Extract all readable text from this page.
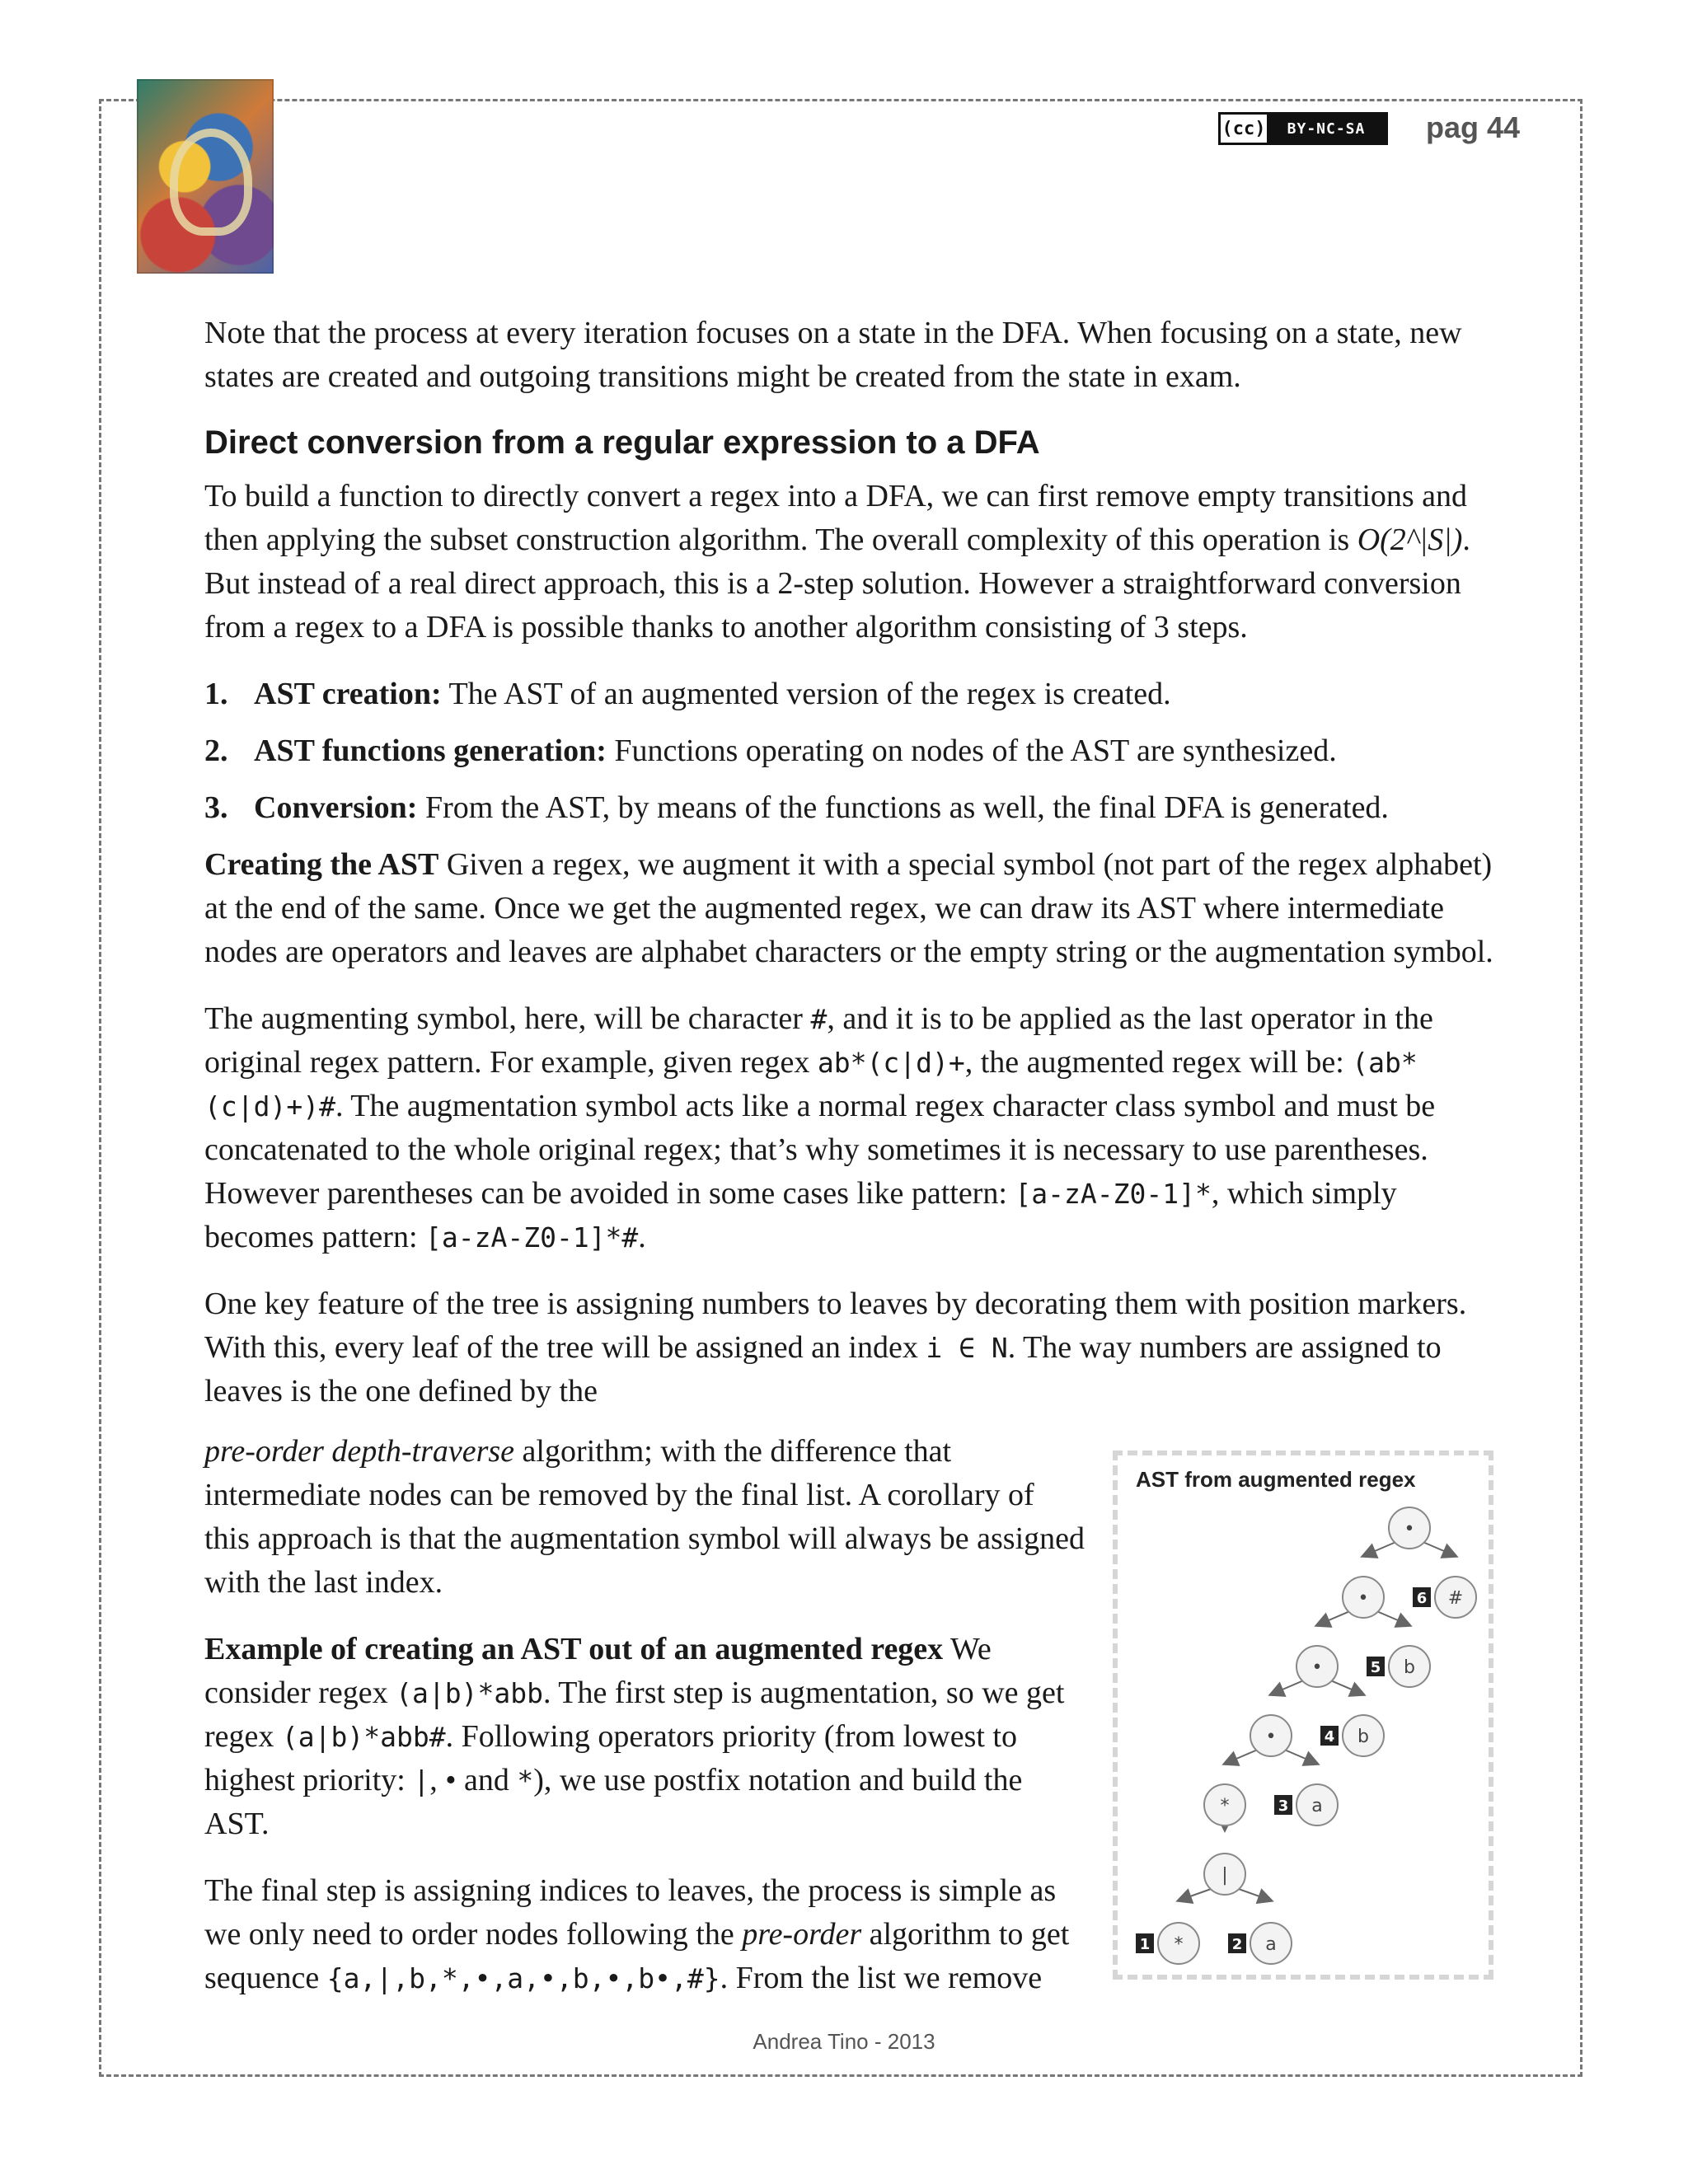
(cc)	BY-NC-SA	pag 44

Note that the process at every iteration focuses on a state in the DFA. When focusing on a state, new states are created and outgoing transitions might be created from the state in exam.

Direct conversion from a regular expression to a DFA

To build a function to directly convert a regex into a DFA, we can first remove empty transitions and then applying the subset construction algorithm. The overall complexity of this operation is O(2^|S|). But instead of a real direct approach, this is a 2-step solution. However a straightforward conversion from a regex to a DFA is possible thanks to another algorithm consisting of 3 steps.

1. AST creation: The AST of an augmented version of the regex is created.
2. AST functions generation: Functions operating on nodes of the AST are synthesized.
3. Conversion: From the AST, by means of the functions as well, the final DFA is generated.

Creating the AST Given a regex, we augment it with a special symbol (not part of the regex alphabet) at the end of the same. Once we get the augmented regex, we can draw its AST where intermediate nodes are operators and leaves are alphabet characters or the empty string or the augmentation symbol.

The augmenting symbol, here, will be character #, and it is to be applied as the last operator in the original regex pattern. For example, given regex ab*(c|d)+, the augmented regex will be: (ab*(c|d)+)#. The augmentation symbol acts like a normal regex character class symbol and must be concatenated to the whole original regex; that’s why sometimes it is necessary to use parentheses. However parentheses can be avoided in some cases like pattern: [a-zA-Z0-1]*, which simply becomes pattern: [a-zA-Z0-1]*#.

One key feature of the tree is assigning numbers to leaves by decorating them with position markers. With this, every leaf of the tree will be assigned an index i ∈ N. The way numbers are assigned to leaves is the one defined by the

pre-order depth-traverse algorithm; with the difference that intermediate nodes can be removed by the final list. A corollary of this approach is that the augmentation symbol will always be assigned with the last index.

Example of creating an AST out of an augmented regex We consider regex (a|b)*abb. The first step is augmentation, so we get regex (a|b)*abb#. Following operators priority (from lowest to highest priority: |, • and *), we use postfix notation and build the AST.

The final step is assigning indices to leaves, the process is simple as we only need to order nodes following the pre-order algorithm to get sequence {a,|,b,*,•,a,•,b,•,b•,#}. From the list we remove

AST from augmented regex
•
•	#
•	b
•	b
*	a
|
*	a
6
5
4
3
1	2
Andrea Tino - 2013
